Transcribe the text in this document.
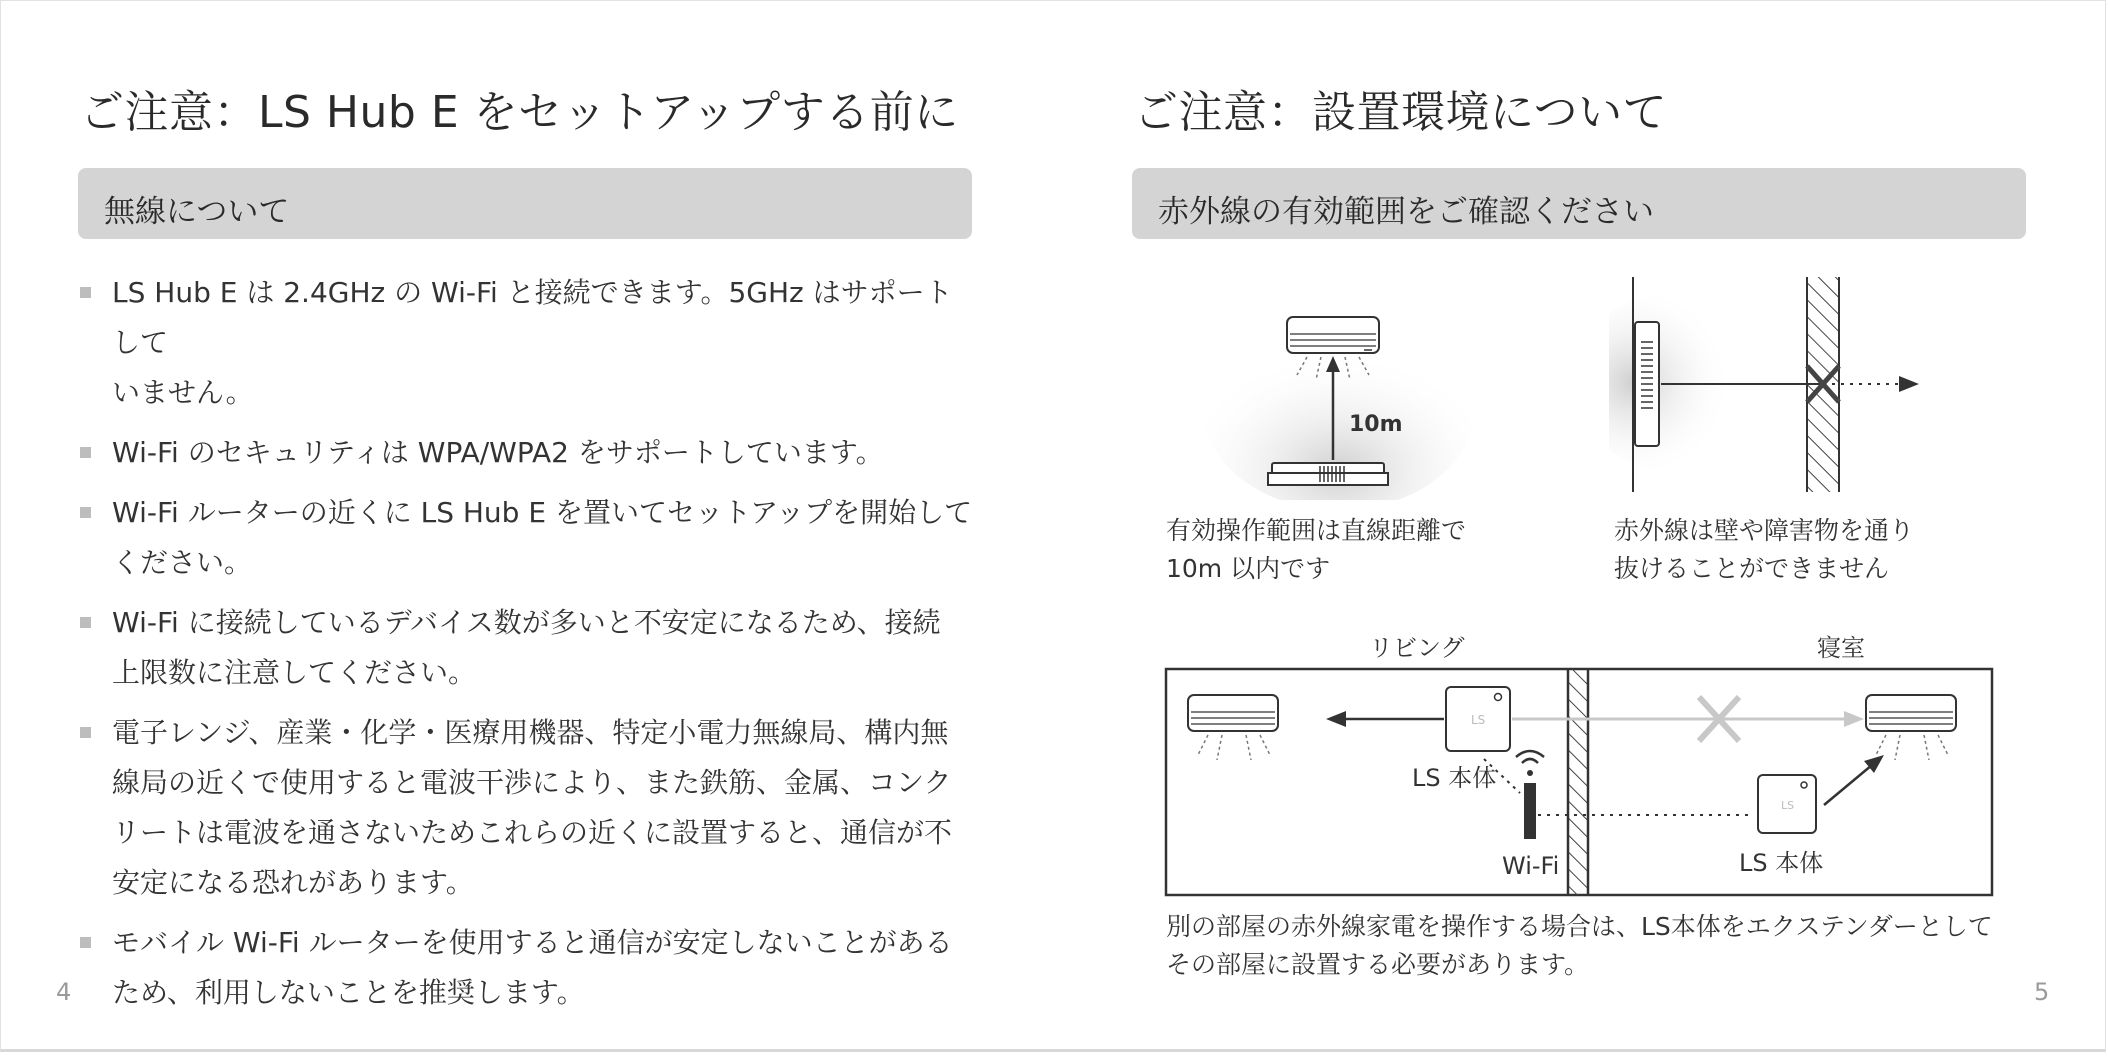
ご注意：LS Hub E をセットアップする前に
無線について
LS Hub E は 2.4GHz の Wi-Fi と接続できます。5GHz はサポートして
いません。
Wi-Fi のセキュリティは WPA/WPA2 をサポートしています。
Wi-Fi ルーターの近くに LS Hub E を置いてセットアップを開始して
ください。
Wi-Fi に接続しているデバイス数が多いと不安定になるため、接続
上限数に注意してください。
電子レンジ、産業・化学・医療用機器、特定小電力無線局、構内無
線局の近くで使用すると電波干渉により、また鉄筋、金属、コンク
リートは電波を通さないためこれらの近くに設置すると、通信が不
安定になる恐れがあります。
モバイル Wi-Fi ルーターを使用すると通信が安定しないことがある
ため、利用しないことを推奨します。
4
ご注意：設置環境について
赤外線の有効範囲をご確認ください
10m
有効操作範囲は直線距離で
10m 以内です
赤外線は壁や障害物を通り
抜けることができません
リビング	寝室
LS
LS 本体
Wi-Fi
LS
LS 本体
別の部屋の赤外線家電を操作する場合は、LS本体をエクステンダーとして
その部屋に設置する必要があります。
5
